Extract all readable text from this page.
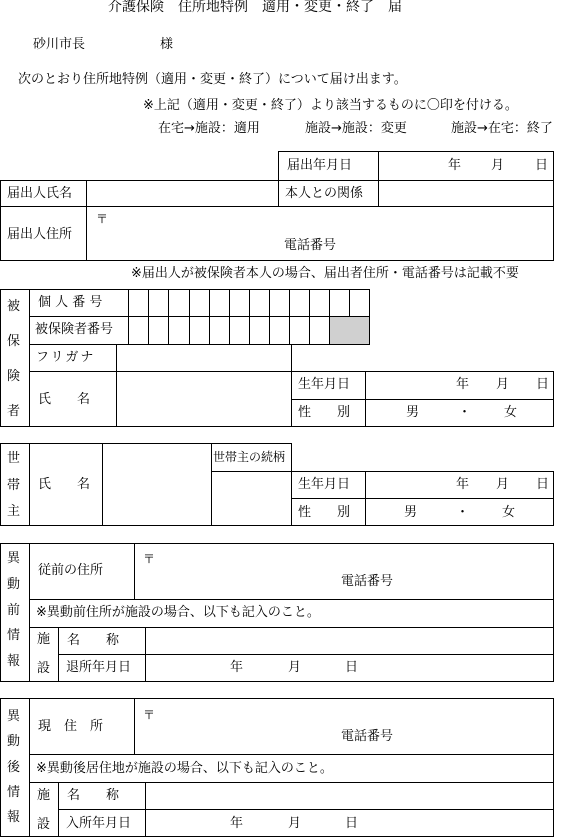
介護保険　住所地特例　適用・変更・終了　届
砂川市長	様
次のとおり住所地特例（適用・変更・終了）について届け出ます。
※上記（適用・変更・終了）より該当するものに〇印を付ける。
在宅→施設：適用	施設→施設：変更	施設→在宅：終了
届出年月日	年 月 日
届出人氏名	本人との関係
届出人住所
〒
電話番号
※届出人が被保険者本人の場合、届出者住所・電話番号は記載不要
被
保
険
者
個 人 番 号
被保険者番号
フリガナ
氏　　名
生年月日	年 月 日
性　　別	男	・	女
世
帯
主
氏　　名
世帯主の続柄
生年月日	年 月 日
性　　別	男	・	女
異
動
前
情
報
従前の住所
〒
電話番号
※異動前住所が施設の場合、以下も記入のこと。
施
設
名　　称
退所年月日	年	月	日
異
動
後
情
報
現　住　所
〒
電話番号
※異動後居住地が施設の場合、以下も記入のこと。
施
設
名　　称
入所年月日	年	月	日
